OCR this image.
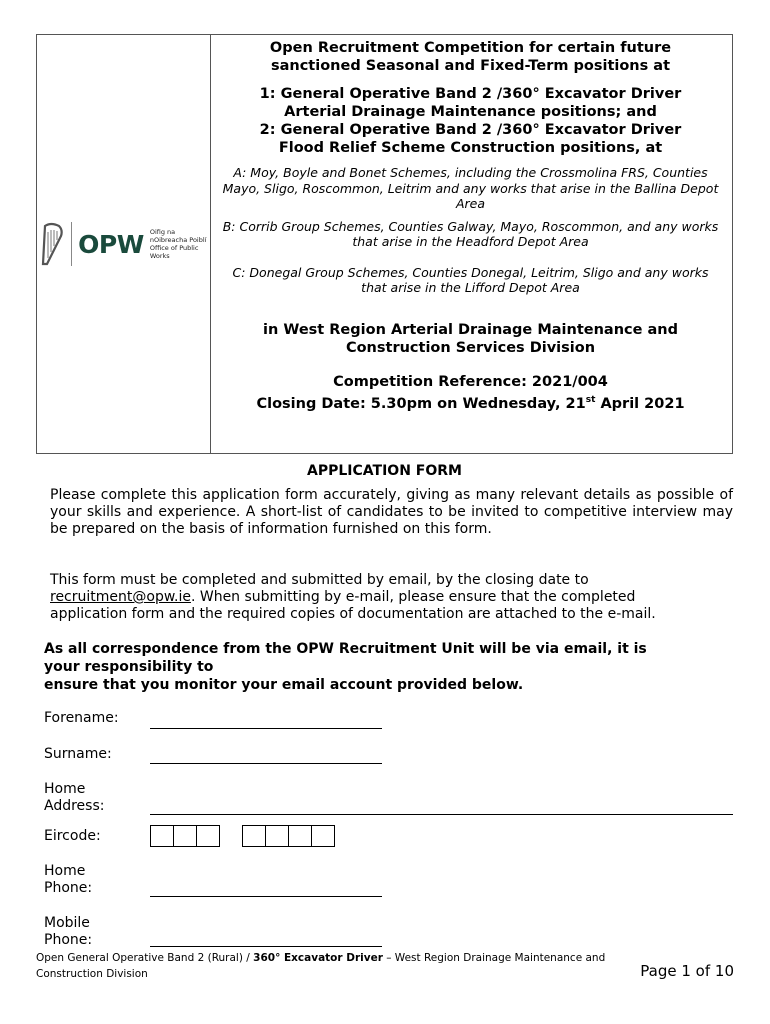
OPW Oifig na
nOibreacha Poiblí
Office of Public Works
Open Recruitment Competition for certain future
sanctioned Seasonal and Fixed-Term positions at
1: General Operative Band 2 /360° Excavator Driver
Arterial Drainage Maintenance positions; and
2: General Operative Band 2 /360° Excavator Driver
Flood Relief Scheme Construction positions, at
A: Moy, Boyle and Bonet Schemes, including the Crossmolina FRS, Counties Mayo, Sligo, Roscommon, Leitrim and any works that arise in the Ballina Depot Area
B: Corrib Group Schemes, Counties Galway, Mayo, Roscommon, and any works that arise in the Headford Depot Area
C: Donegal Group Schemes, Counties Donegal, Leitrim, Sligo and any works that arise in the Lifford Depot Area
in West Region Arterial Drainage Maintenance and
Construction Services Division
Competition Reference: 2021/004
Closing Date: 5.30pm on Wednesday, 21st April 2021
APPLICATION FORM
Please complete this application form accurately, giving as many relevant details as possible of your skills and experience. A short-list of candidates to be invited to competitive interview may be prepared on the basis of information furnished on this form.
This form must be completed and submitted by email, by the closing date to
recruitment@opw.ie. When submitting by e-mail, please ensure that the completed
application form and the required copies of documentation are attached to the e-mail.
As all correspondence from the OPW Recruitment Unit will be via email, it is
your responsibility to
ensure that you monitor your email account provided below.
Forename:
Surname:
Home
Address:
Eircode:
Home
Phone:
Mobile
Phone:
Open General Operative Band 2 (Rural) / 360° Excavator Driver – West Region Drainage Maintenance and
Construction Division	Page 1 of 10
